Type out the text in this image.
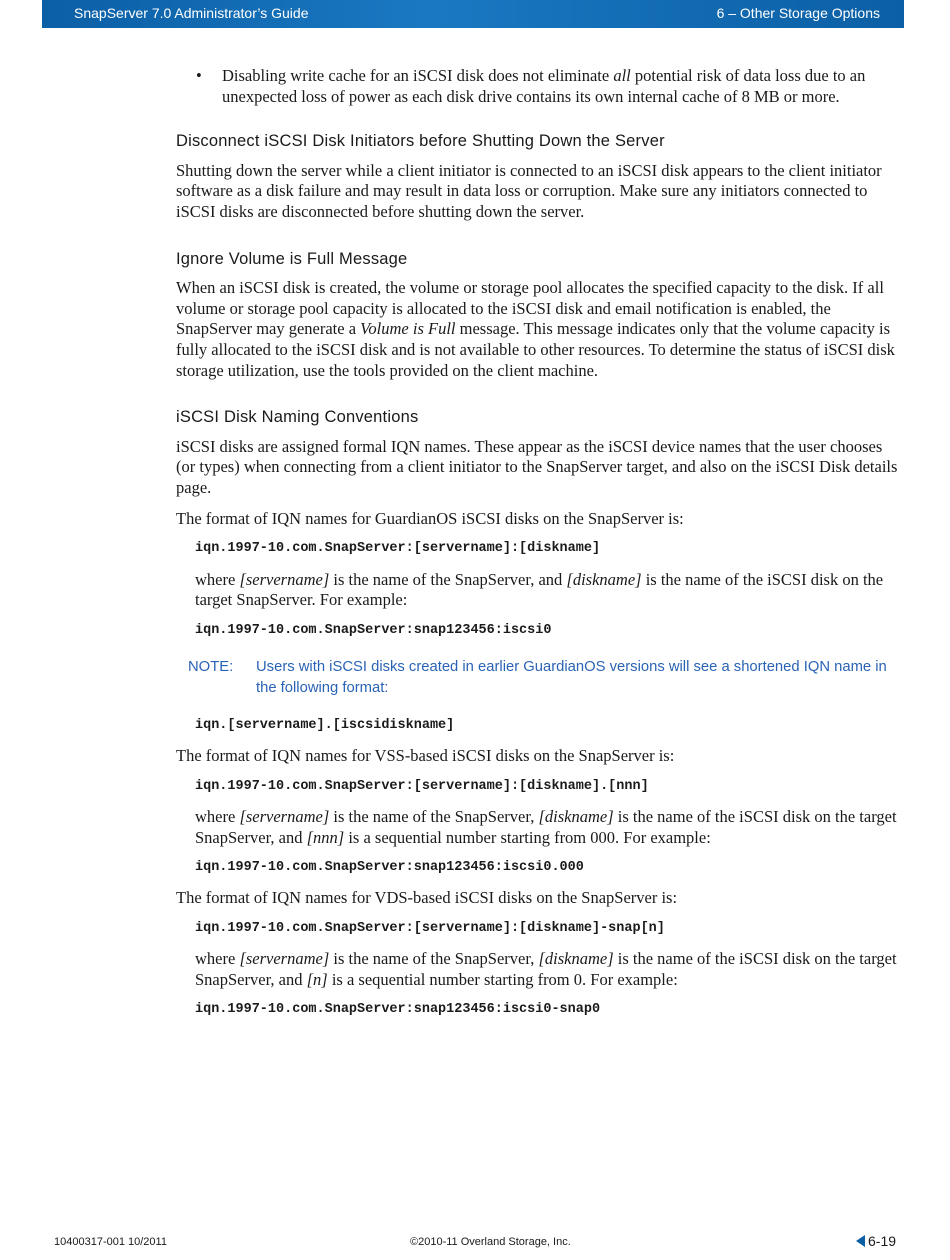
SnapServer 7.0 Administrator’s Guide	6 – Other Storage Options

• Disabling write cache for an iSCSI disk does not eliminate all potential risk of data loss due to an unexpected loss of power as each disk drive contains its own internal cache of 8 MB or more.

Disconnect iSCSI Disk Initiators before Shutting Down the Server

Shutting down the server while a client initiator is connected to an iSCSI disk appears to the client initiator software as a disk failure and may result in data loss or corruption. Make sure any initiators connected to iSCSI disks are disconnected before shutting down the server.

Ignore Volume is Full Message

When an iSCSI disk is created, the volume or storage pool allocates the specified capacity to the disk. If all volume or storage pool capacity is allocated to the iSCSI disk and email notification is enabled, the SnapServer may generate a Volume is Full message. This message indicates only that the volume capacity is fully allocated to the iSCSI disk and is not available to other resources. To determine the status of iSCSI disk storage utilization, use the tools provided on the client machine.

iSCSI Disk Naming Conventions

iSCSI disks are assigned formal IQN names. These appear as the iSCSI device names that the user chooses (or types) when connecting from a client initiator to the SnapServer target, and also on the iSCSI Disk details page.

The format of IQN names for GuardianOS iSCSI disks on the SnapServer is:

iqn.1997-10.com.SnapServer:[servername]:[diskname]

where [servername] is the name of the SnapServer, and [diskname] is the name of the iSCSI disk on the target SnapServer. For example:

iqn.1997-10.com.SnapServer:snap123456:iscsi0

NOTE: Users with iSCSI disks created in earlier GuardianOS versions will see a shortened IQN name in the following format:

iqn.[servername].[iscsidiskname]

The format of IQN names for VSS-based iSCSI disks on the SnapServer is:

iqn.1997-10.com.SnapServer:[servername]:[diskname].[nnn]

where [servername] is the name of the SnapServer, [diskname] is the name of the iSCSI disk on the target SnapServer, and [nnn] is a sequential number starting from 000. For example:

iqn.1997-10.com.SnapServer:snap123456:iscsi0.000

The format of IQN names for VDS-based iSCSI disks on the SnapServer is:

iqn.1997-10.com.SnapServer:[servername]:[diskname]-snap[n]

where [servername] is the name of the SnapServer, [diskname] is the name of the iSCSI disk on the target SnapServer, and [n] is a sequential number starting from 0. For example:

iqn.1997-10.com.SnapServer:snap123456:iscsi0-snap0

10400317-001 10/2011	©2010-11 Overland Storage, Inc.	6-19
